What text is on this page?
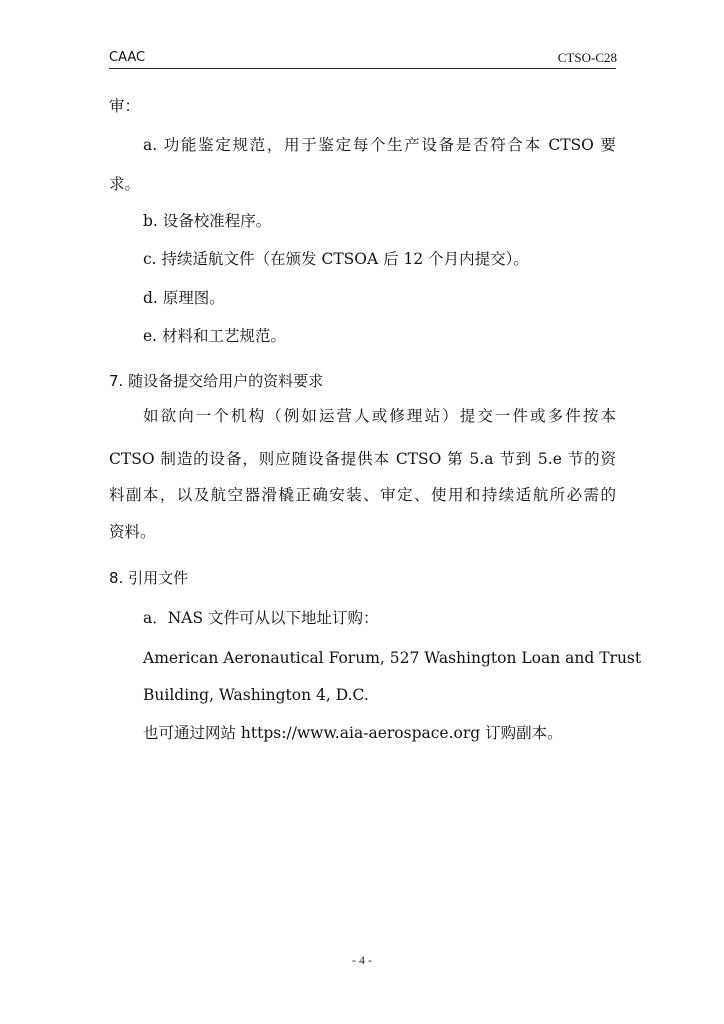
CAAC	CTSO-C28
审：
a. 功能鉴定规范，用于鉴定每个生产设备是否符合本 CTSO 要
求。
b. 设备校准程序。
c. 持续适航文件（在颁发 CTSOA 后 12 个月内提交）。
d. 原理图。
e. 材料和工艺规范。
7. 随设备提交给用户的资料要求
如欲向一个机构（例如运营人或修理站）提交一件或多件按本
CTSO 制造的设备，则应随设备提供本 CTSO 第 5.a 节到 5.e 节的资
料副本，以及航空器滑橇正确安装、审定、使用和持续适航所必需的
资料。
8. 引用文件
a．NAS 文件可从以下地址订购：
American Aeronautical Forum, 527 Washington Loan and Trust
Building, Washington 4, D.C.
也可通过网站 https://www.aia-aerospace.org 订购副本。
- 4 -
